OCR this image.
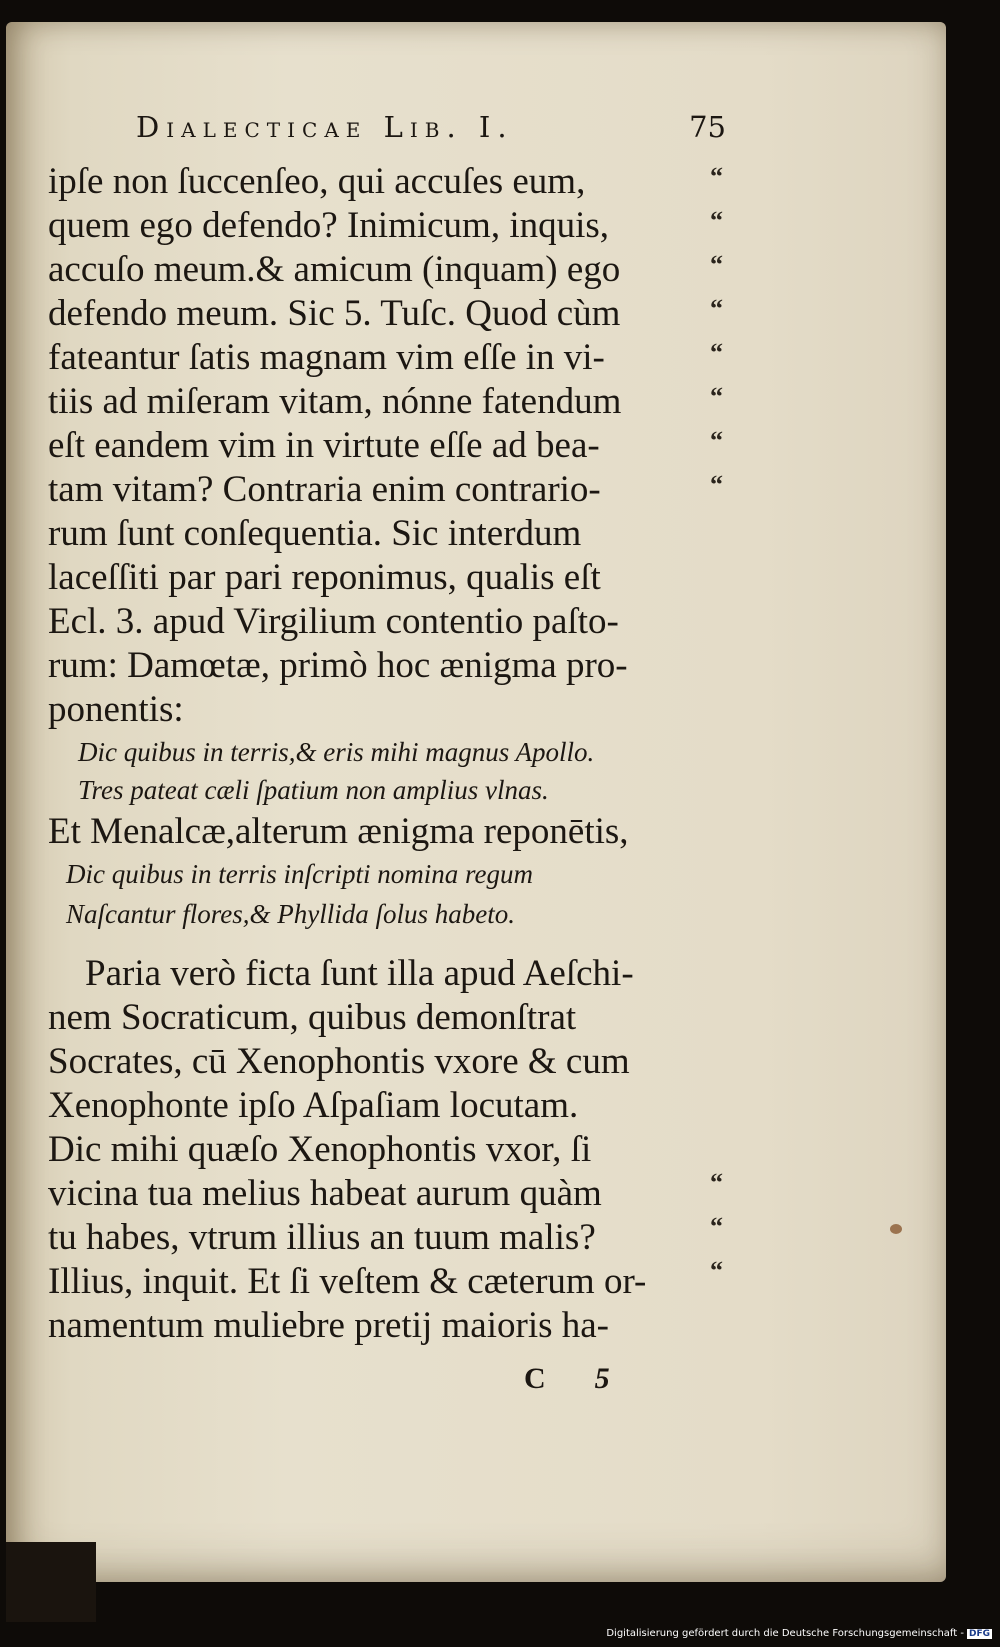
Dialecticae Lib. I.	75
ipſe non ſuccenſeo, qui accuſes eum,
quem ego defendo? Inimicum, inquis,
accuſo meum.& amicum (inquam) ego
defendo meum. Sic 5. Tuſc. Quod cùm
fateantur ſatis magnam vim eſſe in vi-
tiis ad miſeram vitam, nónne fatendum
eſt eandem vim in virtute eſſe ad bea-
tam vitam? Contraria enim contrario-
rum ſunt conſequentia. Sic interdum
laceſſiti par pari reponimus, qualis eſt
Ecl. 3. apud Virgilium contentio paſto-
rum: Damœtæ, primò hoc ænigma pro-
ponentis:
Dic quibus in terris,& eris mihi magnus Apollo.
Tres pateat cæli ſpatium non amplius vlnas.
Et Menalcæ,alterum ænigma reponētis,
Dic quibus in terris inſcripti nomina regum
Naſcantur flores,& Phyllida ſolus habeto.
Paria verò ficta ſunt illa apud Aeſchi-
nem Socraticum, quibus demonſtrat
Socrates, cū Xenophontis vxore & cum
Xenophonte ipſo Aſpaſiam locutam.
Dic mihi quæſo Xenophontis vxor, ſi
vicina tua melius habeat aurum quàm
tu habes, vtrum illius an tuum malis?
Illius, inquit. Et ſi veſtem & cæterum or-
namentum muliebre pretij maioris ha-
“
“
“
“
“
“
“
“
“
“
“
C 5
Digitalisierung gefördert durch die Deutsche Forschungsgemeinschaft - DFG
